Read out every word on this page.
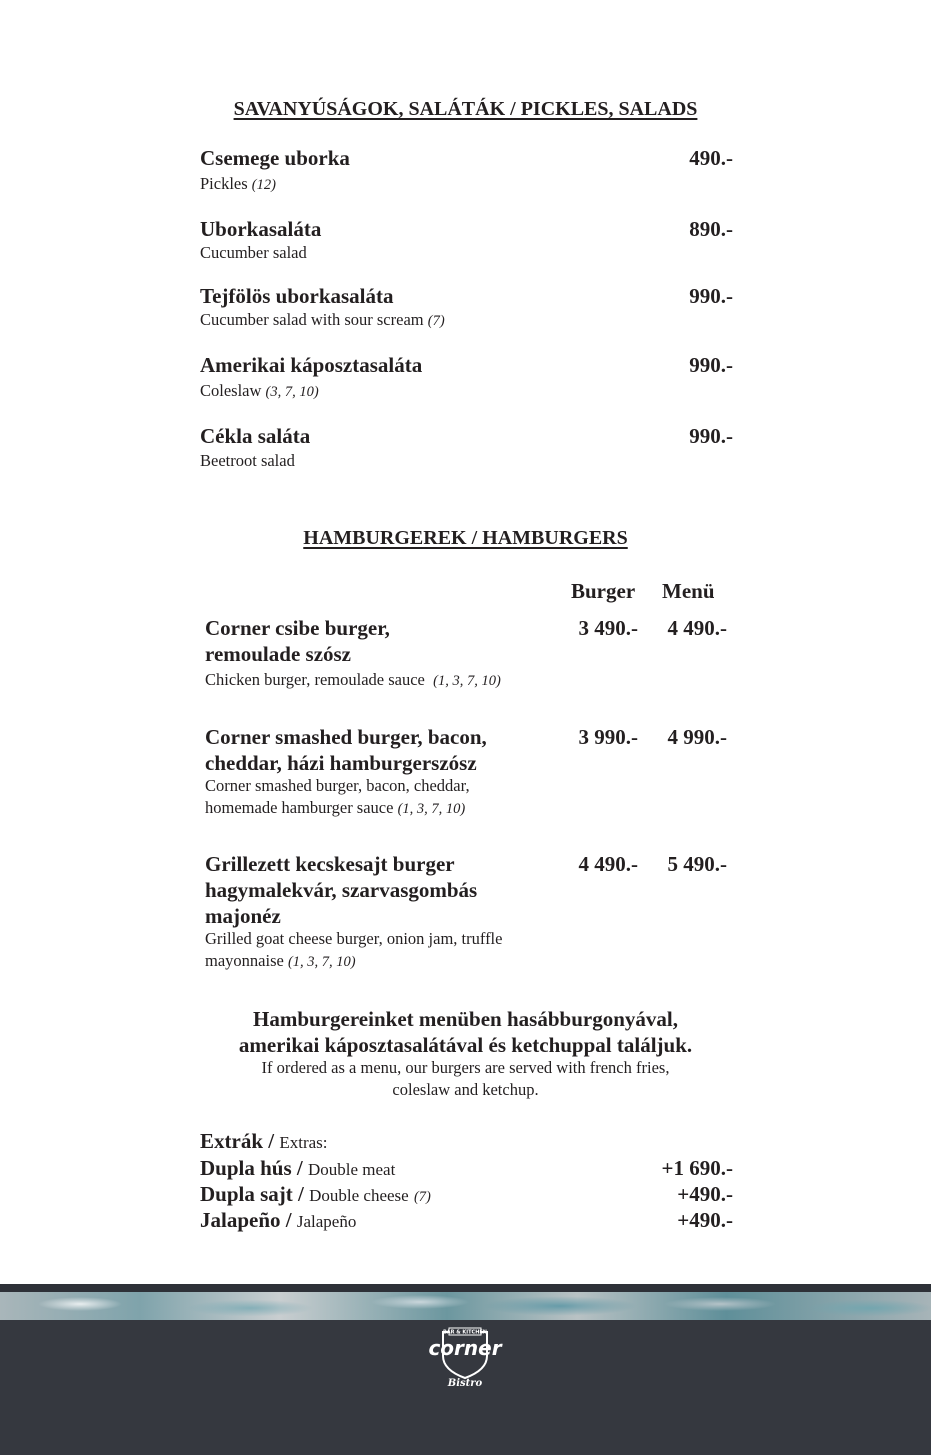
SAVANYÚSÁGOK, SALÁTÁK / PICKLES, SALADS
Csemege uborka	490.-
Pickles (12)
Uborkasaláta	890.-
Cucumber salad
Tejfölös uborkasaláta	990.-
Cucumber salad with sour scream (7)
Amerikai káposztasaláta	990.-
Coleslaw (3, 7, 10)
Cékla saláta	990.-
Beetroot salad
HAMBURGEREK / HAMBURGERS
Burger Menü
Corner csibe burger,
remoulade szósz
Chicken burger, remoulade sauce (1, 3, 7, 10)
3 490.-	4 490.-
Corner smashed burger, bacon,
cheddar, házi hamburgerszósz
Corner smashed burger, bacon, cheddar,
homemade hamburger sauce (1, 3, 7, 10)
3 990.-	4 990.-
Grillezett kecskesajt burger
hagymalekvár, szarvasgombás
majonéz
Grilled goat cheese burger, onion jam, truffle
mayonnaise (1, 3, 7, 10)
4 490.-	5 490.-
Hamburgereinket menüben hasábburgonyával,
amerikai káposztasalátával és ketchuppal találjuk.
If ordered as a menu, our burgers are served with french fries,
coleslaw and ketchup.
Extrák / Extras:
Dupla hús / Double meat	+1 690.-
Dupla sajt / Double cheese (7)	+490.-
Jalapeño / Jalapeño	+490.-
BAR & KITCHEN
corner
Bistro
